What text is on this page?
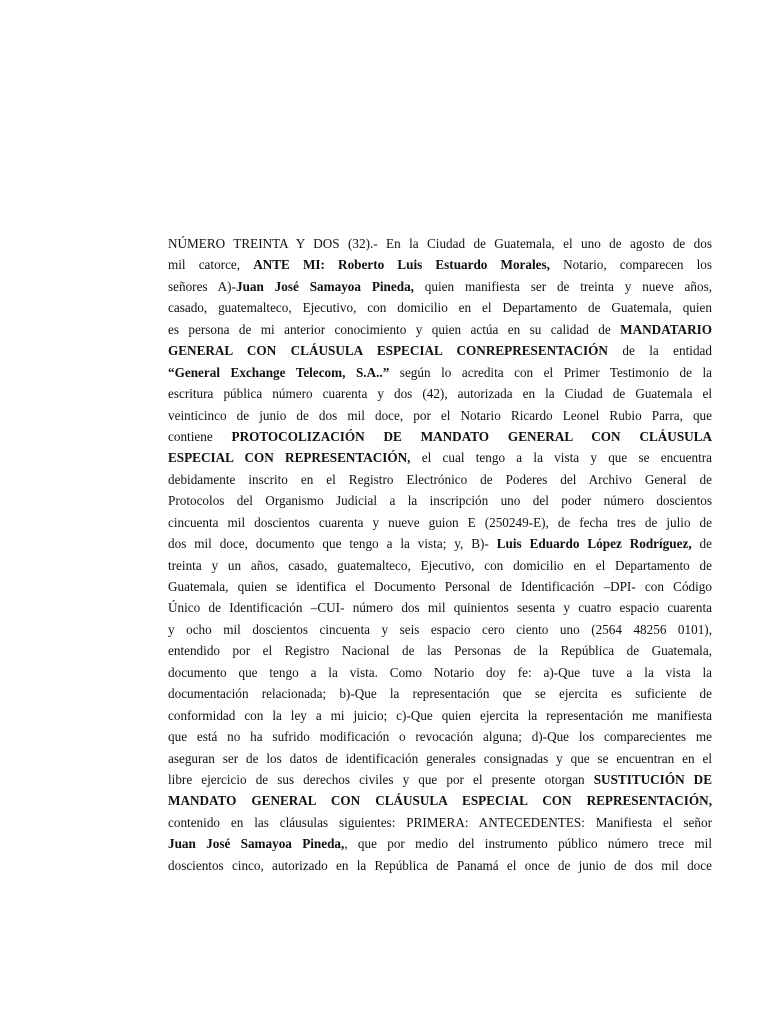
NÚMERO TREINTA Y DOS (32).- En la Ciudad de Guatemala, el uno de agosto de dos
mil catorce, ANTE MI: Roberto Luis Estuardo Morales, Notario, comparecen los
señores A)-Juan José Samayoa Pineda, quien manifiesta ser de treinta y nueve años,
casado, guatemalteco, Ejecutivo, con domicilio en el Departamento de Guatemala, quien
es persona de mi anterior conocimiento y quien actúa en su calidad de MANDATARIO
GENERAL CON CLÁUSULA ESPECIAL CONREPRESENTACIÓN de la entidad
“General Exchange Telecom, S.A..” según lo acredita con el Primer Testimonio de la
escritura pública número cuarenta y dos (42), autorizada en la Ciudad de Guatemala el
veinticinco de junio de dos mil doce, por el Notario Ricardo Leonel Rubio Parra, que
contiene PROTOCOLIZACIÓN DE MANDATO GENERAL CON CLÁUSULA
ESPECIAL CON REPRESENTACIÓN, el cual tengo a la vista y que se encuentra
debidamente inscrito en el Registro Electrónico de Poderes del Archivo General de
Protocolos del Organismo Judicial a la inscripción uno del poder número doscientos
cincuenta mil doscientos cuarenta y nueve guion E (250249-E), de fecha tres de julio de
dos mil doce, documento que tengo a la vista; y, B)- Luis Eduardo López Rodríguez, de
treinta y un años, casado, guatemalteco, Ejecutivo, con domicilio en el Departamento de
Guatemala, quien se identifica el Documento Personal de Identificación –DPI- con Código
Único de Identificación –CUI- número dos mil quinientos sesenta y cuatro espacio cuarenta
y ocho mil doscientos cincuenta y seis espacio cero ciento uno (2564 48256 0101),
entendido por el Registro Nacional de las Personas de la República de Guatemala,
documento que tengo a la vista. Como Notario doy fe: a)-Que tuve a la vista la
documentación relacionada; b)-Que la representación que se ejercita es suficiente de
conformidad con la ley a mi juicio; c)-Que quien ejercita la representación me manifiesta
que está no ha sufrido modificación o revocación alguna; d)-Que los comparecientes me
aseguran ser de los datos de identificación generales consignadas y que se encuentran en el
libre ejercicio de sus derechos civiles y que por el presente otorgan SUSTITUCIÓN DE
MANDATO GENERAL CON CLÁUSULA ESPECIAL CON REPRESENTACIÓN,
contenido en las cláusulas siguientes: PRIMERA: ANTECEDENTES: Manifiesta el señor
Juan José Samayoa Pineda,, que por medio del instrumento público número trece mil
doscientos cinco, autorizado en la República de Panamá el once de junio de dos mil doce
